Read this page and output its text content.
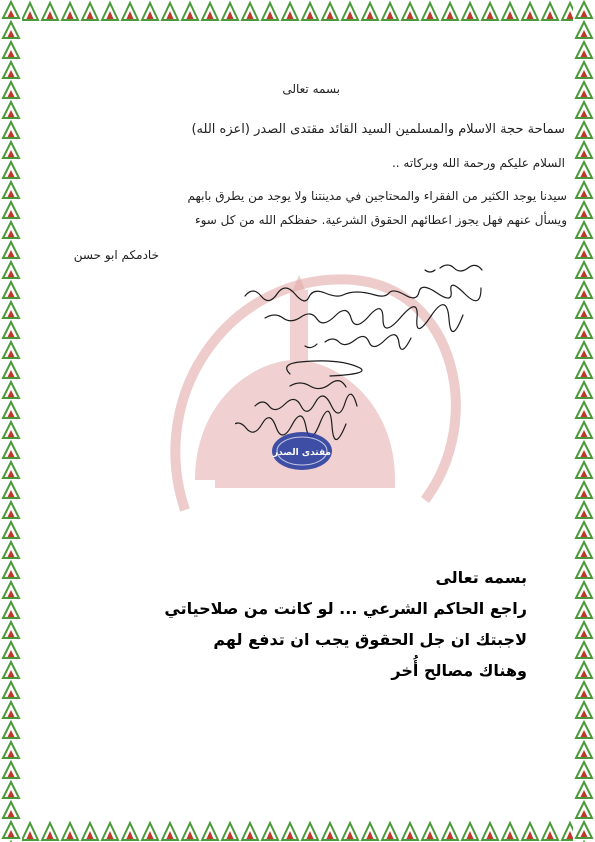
بسمه تعالى
سماحة حجة الاسلام والمسلمين السيد القائد مقتدى الصدر (اعزه الله)
السلام عليكم ورحمة الله وبركاته ..
سيدنا يوجد الكثير من الفقراء والمحتاجين في مدينتنا ولا يوجد من يطرق بابهم
ويسأل عنهم فهل يجوز اعطائهم الحقوق الشرعية. حفظكم الله من كل سوء
خادمكم ابو حسن
مقتدى الصدر
بسمه تعالى
راجع الحاكم الشرعي ... لو كانت من صلاحياتي
لاجبتك ان جل الحقوق يجب ان تدفع لهم
وهناك مصالح أُخر
